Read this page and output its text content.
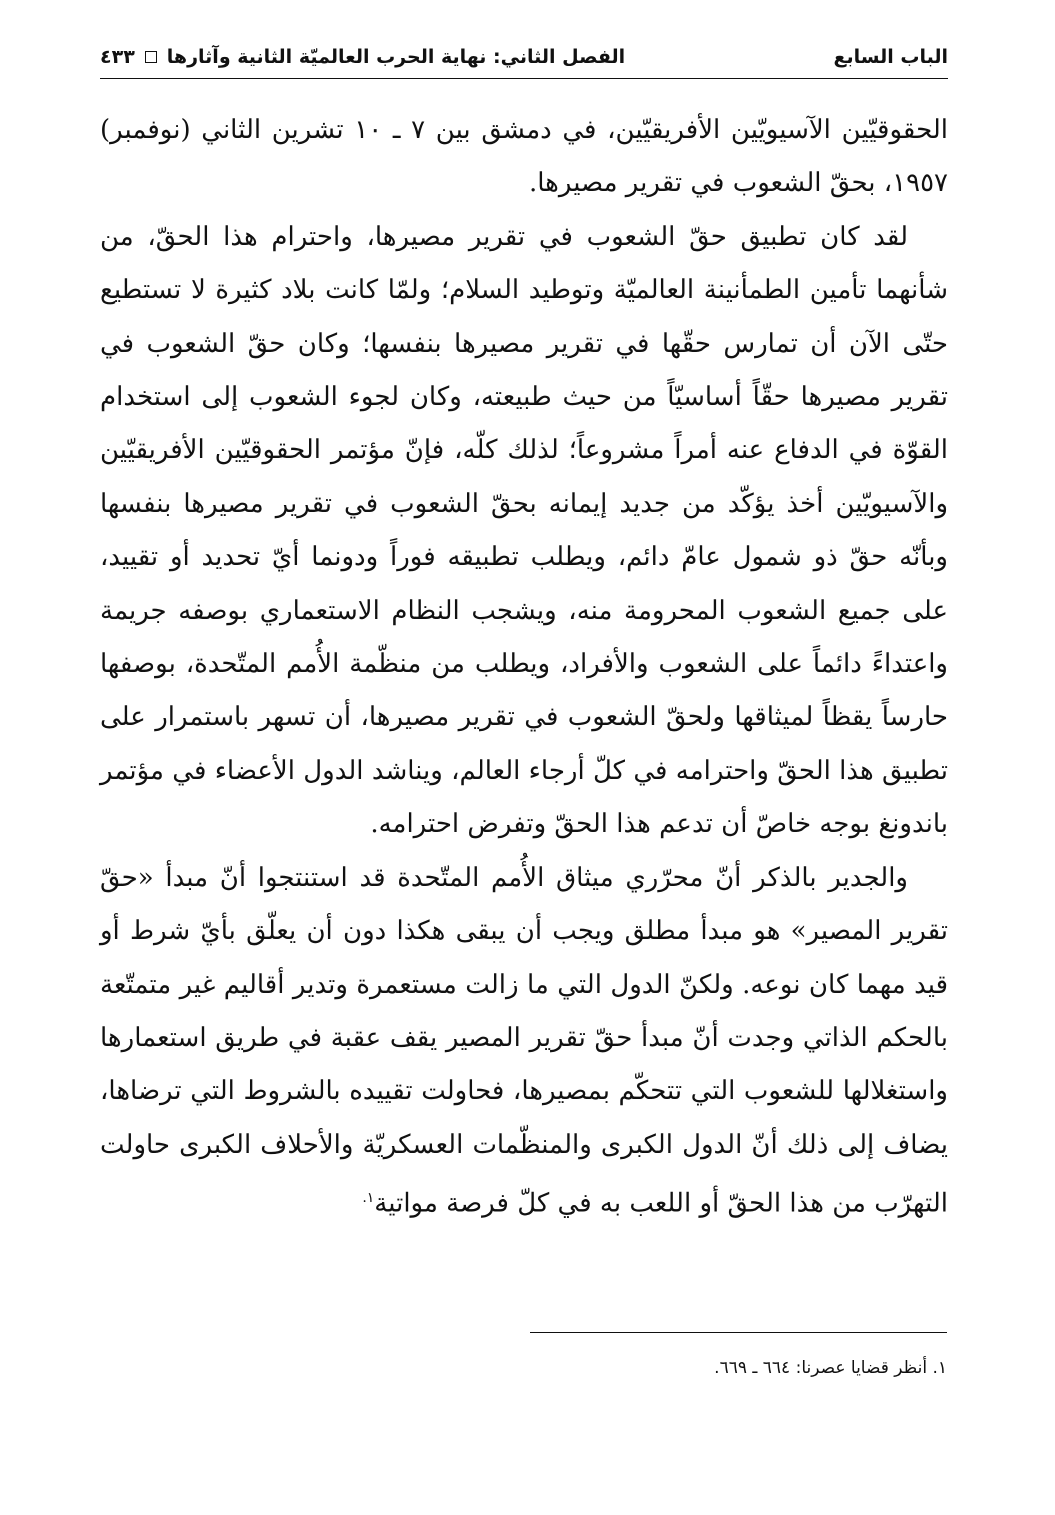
الباب السابع
الفصل الثاني: نهاية الحرب العالميّة الثانية وآثارها
٤٣٣

الحقوقيّين الآسيويّين الأفريقيّين، في دمشق بين ٧ ـ ١٠ تشرين الثاني (نوفمبر) ١٩٥٧، بحقّ الشعوب في تقرير مصيرها.

لقد كان تطبيق حقّ الشعوب في تقرير مصيرها، واحترام هذا الحقّ، من شأنهما تأمين الطمأنينة العالميّة وتوطيد السلام؛ ولمّا كانت بلاد كثيرة لا تستطيع حتّى الآن أن تمارس حقّها في تقرير مصيرها بنفسها؛ وكان حقّ الشعوب في تقرير مصيرها حقّاً أساسيّاً من حيث طبيعته، وكان لجوء الشعوب إلى استخدام القوّة في الدفاع عنه أمراً مشروعاً؛ لذلك كلّه، فإنّ مؤتمر الحقوقيّين الأفريقيّين والآسيويّين أخذ يؤكّد من جديد إيمانه بحقّ الشعوب في تقرير مصيرها بنفسها وبأنّه حقّ ذو شمول عامّ دائم، ويطلب تطبيقه فوراً ودونما أيّ تحديد أو تقييد، على جميع الشعوب المحرومة منه، ويشجب النظام الاستعماري بوصفه جريمة واعتداءً دائماً على الشعوب والأفراد، ويطلب من منظّمة الأُمم المتّحدة، بوصفها حارساً يقظاً لميثاقها ولحقّ الشعوب في تقرير مصيرها، أن تسهر باستمرار على تطبيق هذا الحقّ واحترامه في كلّ أرجاء العالم، ويناشد الدول الأعضاء في مؤتمر باندونغ بوجه خاصّ أن تدعم هذا الحقّ وتفرض احترامه.

والجدير بالذكر أنّ محرّري ميثاق الأُمم المتّحدة قد استنتجوا أنّ مبدأ «حقّ تقرير المصير» هو مبدأ مطلق ويجب أن يبقى هكذا دون أن يعلّق بأيّ شرط أو قيد مهما كان نوعه. ولكنّ الدول التي ما زالت مستعمرة وتدير أقاليم غير متمتّعة بالحكم الذاتي وجدت أنّ مبدأ حقّ تقرير المصير يقف عقبة في طريق استعمارها واستغلالها للشعوب التي تتحكّم بمصيرها، فحاولت تقييده بالشروط التي ترضاها، يضاف إلى ذلك أنّ الدول الكبرى والمنظّمات العسكريّة والأحلاف الكبرى حاولت التهرّب من هذا الحقّ أو اللعب به في كلّ فرصة مواتية$^{١.}$

١. أنظر قضايا عصرنا: ٦٦٤ ـ ٦٦٩.
